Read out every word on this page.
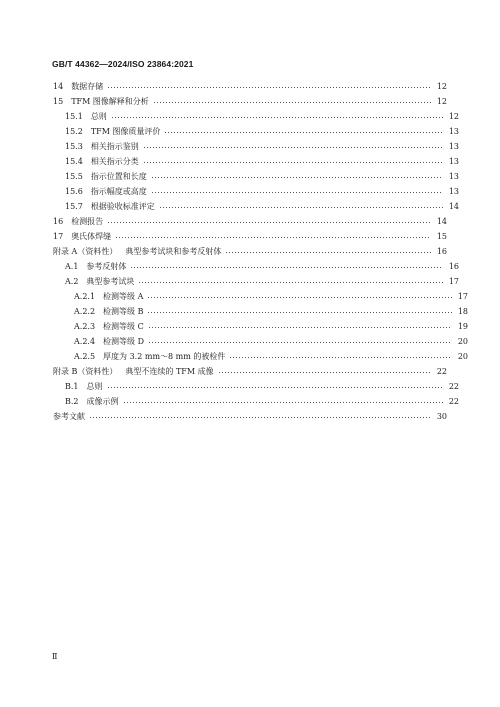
GB/T 44362—2024/ISO 23864:2021
14 数据存储	12
15 TFM 图像解释和分析	12
15.1 总则	12
15.2 TFM 图像质量评价	13
15.3 相关指示鉴别	13
15.4 相关指示分类	13
15.5 指示位置和长度	13
15.6 指示幅度或高度	13
15.7 根据验收标准评定	14
16 检测报告	14
17 奥氏体焊缝	15
附录 A（资料性） 典型参考试块和参考反射体	16
A.1 参考反射体	16
A.2 典型参考试块	17
A.2.1 检测等级 A	17
A.2.2 检测等级 B	18
A.2.3 检测等级 C	19
A.2.4 检测等级 D	20
A.2.5 厚度为 3.2 mm～8 mm 的被检件	20
附录 B（资料性） 典型不连续的 TFM 成像	22
B.1 总则	22
B.2 成像示例	22
参考文献	30
Ⅱ
